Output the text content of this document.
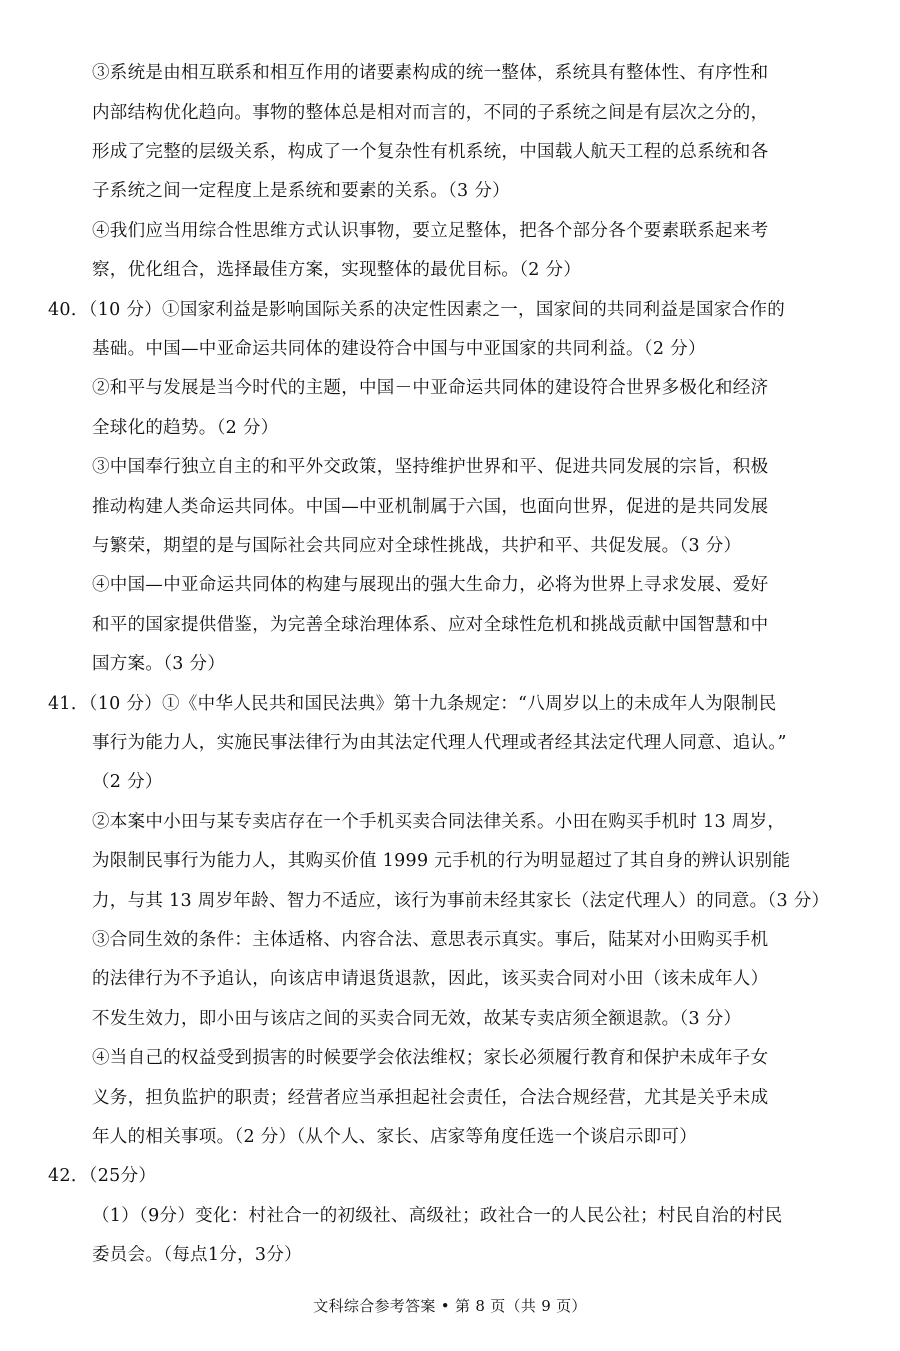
③系统是由相互联系和相互作用的诸要素构成的统一整体，系统具有整体性、有序性和
内部结构优化趋向。事物的整体总是相对而言的，不同的子系统之间是有层次之分的，
形成了完整的层级关系，构成了一个复杂性有机系统，中国载人航天工程的总系统和各
子系统之间一定程度上是系统和要素的关系。（3 分）
④我们应当用综合性思维方式认识事物，要立足整体，把各个部分各个要素联系起来考
察，优化组合，选择最佳方案，实现整体的最优目标。（2 分）
40．（10 分）①国家利益是影响国际关系的决定性因素之一，国家间的共同利益是国家合作的
基础。中国—中亚命运共同体的建设符合中国与中亚国家的共同利益。（2 分）
②和平与发展是当今时代的主题，中国－中亚命运共同体的建设符合世界多极化和经济
全球化的趋势。（2 分）
③中国奉行独立自主的和平外交政策，坚持维护世界和平、促进共同发展的宗旨，积极
推动构建人类命运共同体。中国—中亚机制属于六国，也面向世界，促进的是共同发展
与繁荣，期望的是与国际社会共同应对全球性挑战，共护和平、共促发展。（3 分）
④中国—中亚命运共同体的构建与展现出的强大生命力，必将为世界上寻求发展、爱好
和平的国家提供借鉴，为完善全球治理体系、应对全球性危机和挑战贡献中国智慧和中
国方案。（3 分）
41．（10 分）①《中华人民共和国民法典》第十九条规定：“八周岁以上的未成年人为限制民
事行为能力人，实施民事法律行为由其法定代理人代理或者经其法定代理人同意、追认。”
（2 分）
②本案中小田与某专卖店存在一个手机买卖合同法律关系。小田在购买手机时 13 周岁，
为限制民事行为能力人，其购买价值 1999 元手机的行为明显超过了其自身的辨认识别能
力，与其 13 周岁年龄、智力不适应，该行为事前未经其家长（法定代理人）的同意。（3 分）
③合同生效的条件：主体适格、内容合法、意思表示真实。事后，陆某对小田购买手机
的法律行为不予追认，向该店申请退货退款，因此，该买卖合同对小田（该未成年人）
不发生效力，即小田与该店之间的买卖合同无效，故某专卖店须全额退款。（3 分）
④当自己的权益受到损害的时候要学会依法维权；家长必须履行教育和保护未成年子女
义务，担负监护的职责；经营者应当承担起社会责任，合法合规经营，尤其是关乎未成
年人的相关事项。（2 分）（从个人、家长、店家等角度任选一个谈启示即可）
42．（25分）
（1）（9分）变化：村社合一的初级社、高级社；政社合一的人民公社；村民自治的村民
委员会。（每点1分，3分）
文科综合参考答案 • 第 8 页（共 9 页）
